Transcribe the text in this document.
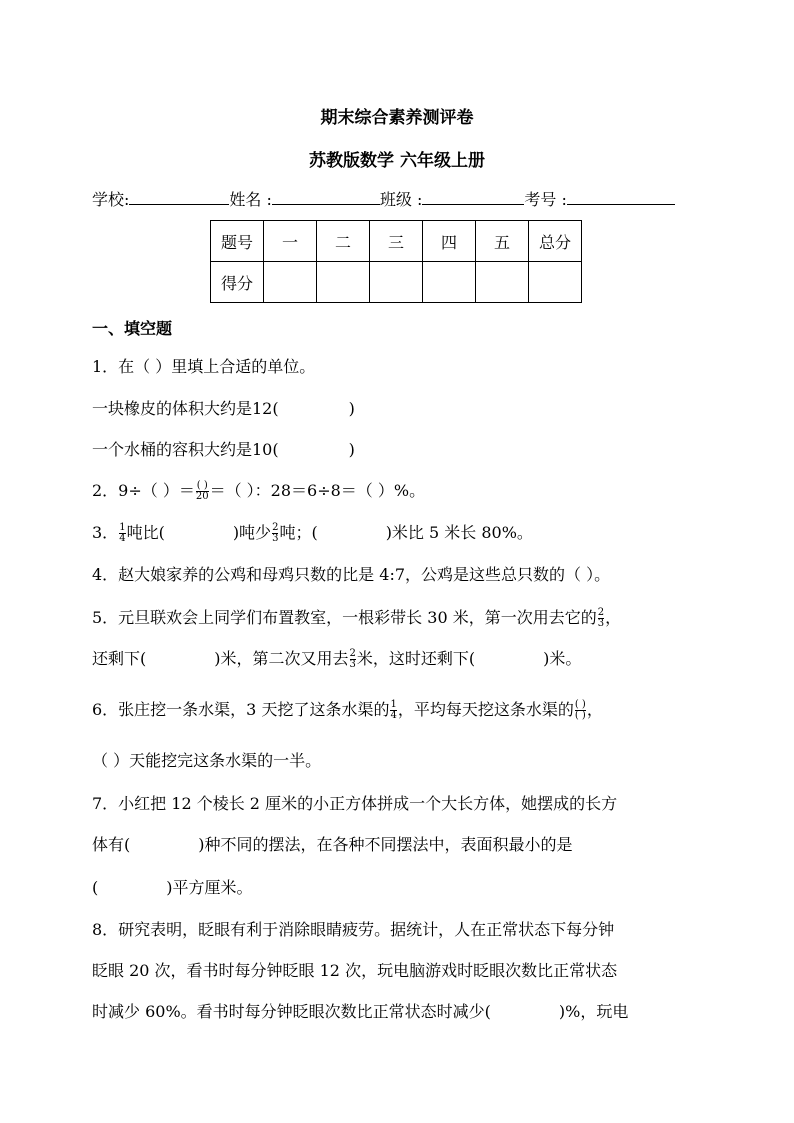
期末综合素养测评卷
苏教版数学 六年级上册
学校:	姓名 :	班级 :	考号 :
题号	一	二	三	四	五	总分
得分						
一、填空题
1．在（ ）里填上合适的单位。
一块橡皮的体积大约是12(	)
一个水桶的容积大约是10(	)
2．9÷（ ）＝ $\frac{( )}{20}$ ＝（ ）：28＝6÷8＝（ ）%。
3． $\frac{1}{4}$ 吨比(	)吨少 $\frac{2}{3}$ 吨；(	)米比 5 米长 80%。
4．赵大娘家养的公鸡和母鸡只数的比是 4:7，公鸡是这些总只数的（ ）。
5．元旦联欢会上同学们布置教室，一根彩带长 30 米，第一次用去它的 $\frac{2}{3}$ ，
还剩下(	)米，第二次又用去 $\frac{2}{3}$ 米，这时还剩下(	)米。
6．张庄挖一条水渠，3 天挖了这条水渠的 $\frac{1}{4}$ ，平均每天挖这条水渠的 $\frac{( )}{( )}$ ，
（ ）天能挖完这条水渠的一半。
7．小红把 12 个棱长 2 厘米的小正方体拼成一个大长方体，她摆成的长方
体有(	)种不同的摆法，在各种不同摆法中，表面积最小的是
(	)平方厘米。
8．研究表明，眨眼有利于消除眼睛疲劳。据统计，人在正常状态下每分钟
眨眼 20 次，看书时每分钟眨眼 12 次，玩电脑游戏时眨眼次数比正常状态
时减少 60%。看书时每分钟眨眼次数比正常状态时减少(	)%，玩电
